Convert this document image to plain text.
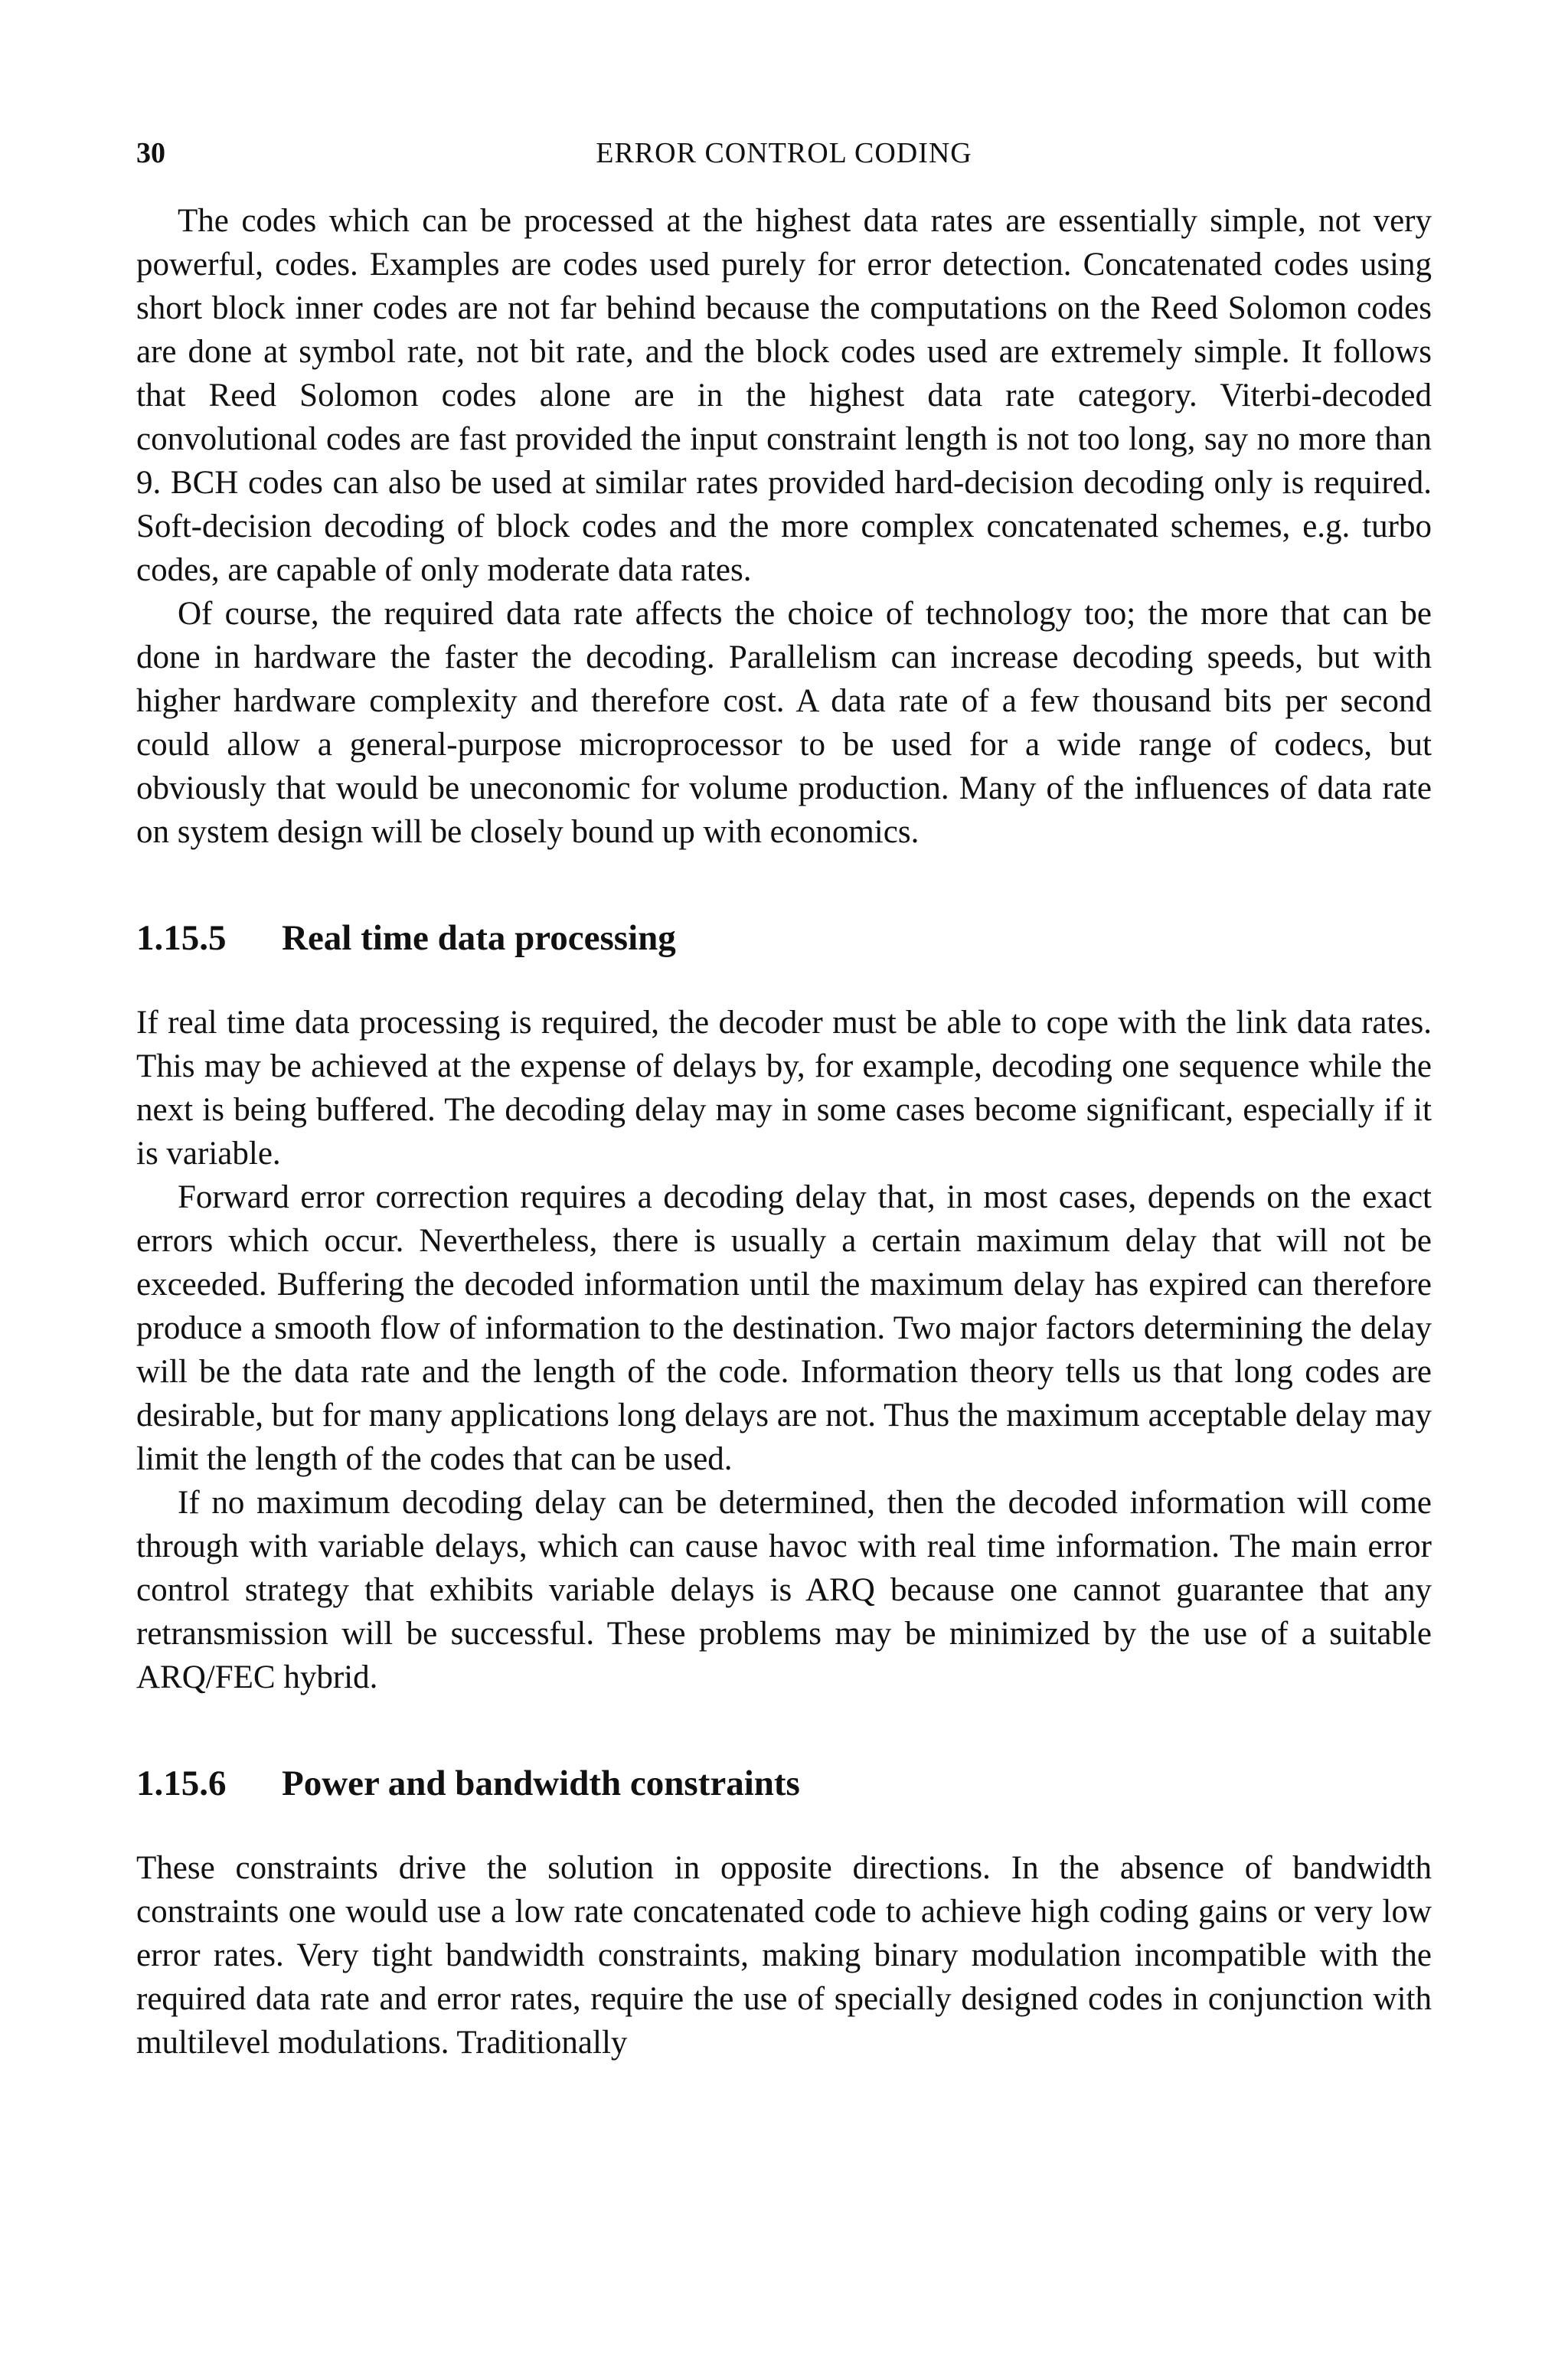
30	ERROR CONTROL CODING

The codes which can be processed at the highest data rates are essentially simple, not very powerful, codes. Examples are codes used purely for error detection. Concatenated codes using short block inner codes are not far behind because the computations on the Reed Solomon codes are done at symbol rate, not bit rate, and the block codes used are extremely simple. It follows that Reed Solomon codes alone are in the highest data rate category. Viterbi-decoded convolutional codes are fast provided the input constraint length is not too long, say no more than 9. BCH codes can also be used at similar rates provided hard-decision decoding only is required. Soft-decision decoding of block codes and the more complex concatenated schemes, e.g. turbo codes, are capable of only moderate data rates.

Of course, the required data rate affects the choice of technology too; the more that can be done in hardware the faster the decoding. Parallelism can increase decoding speeds, but with higher hardware complexity and therefore cost. A data rate of a few thousand bits per second could allow a general-purpose microprocessor to be used for a wide range of codecs, but obviously that would be uneconomic for volume production. Many of the influences of data rate on system design will be closely bound up with economics.

1.15.5	Real time data processing

If real time data processing is required, the decoder must be able to cope with the link data rates. This may be achieved at the expense of delays by, for example, decoding one sequence while the next is being buffered. The decoding delay may in some cases become significant, especially if it is variable.

Forward error correction requires a decoding delay that, in most cases, depends on the exact errors which occur. Nevertheless, there is usually a certain maximum delay that will not be exceeded. Buffering the decoded information until the maximum delay has expired can therefore produce a smooth flow of information to the destination. Two major factors determining the delay will be the data rate and the length of the code. Information theory tells us that long codes are desirable, but for many applications long delays are not. Thus the maximum acceptable delay may limit the length of the codes that can be used.

If no maximum decoding delay can be determined, then the decoded information will come through with variable delays, which can cause havoc with real time information. The main error control strategy that exhibits variable delays is ARQ because one cannot guarantee that any retransmission will be successful. These problems may be minimized by the use of a suitable ARQ/FEC hybrid.

1.15.6	Power and bandwidth constraints

These constraints drive the solution in opposite directions. In the absence of bandwidth constraints one would use a low rate concatenated code to achieve high coding gains or very low error rates. Very tight bandwidth constraints, making binary modulation incompatible with the required data rate and error rates, require the use of specially designed codes in conjunction with multilevel modulations. Traditionally
